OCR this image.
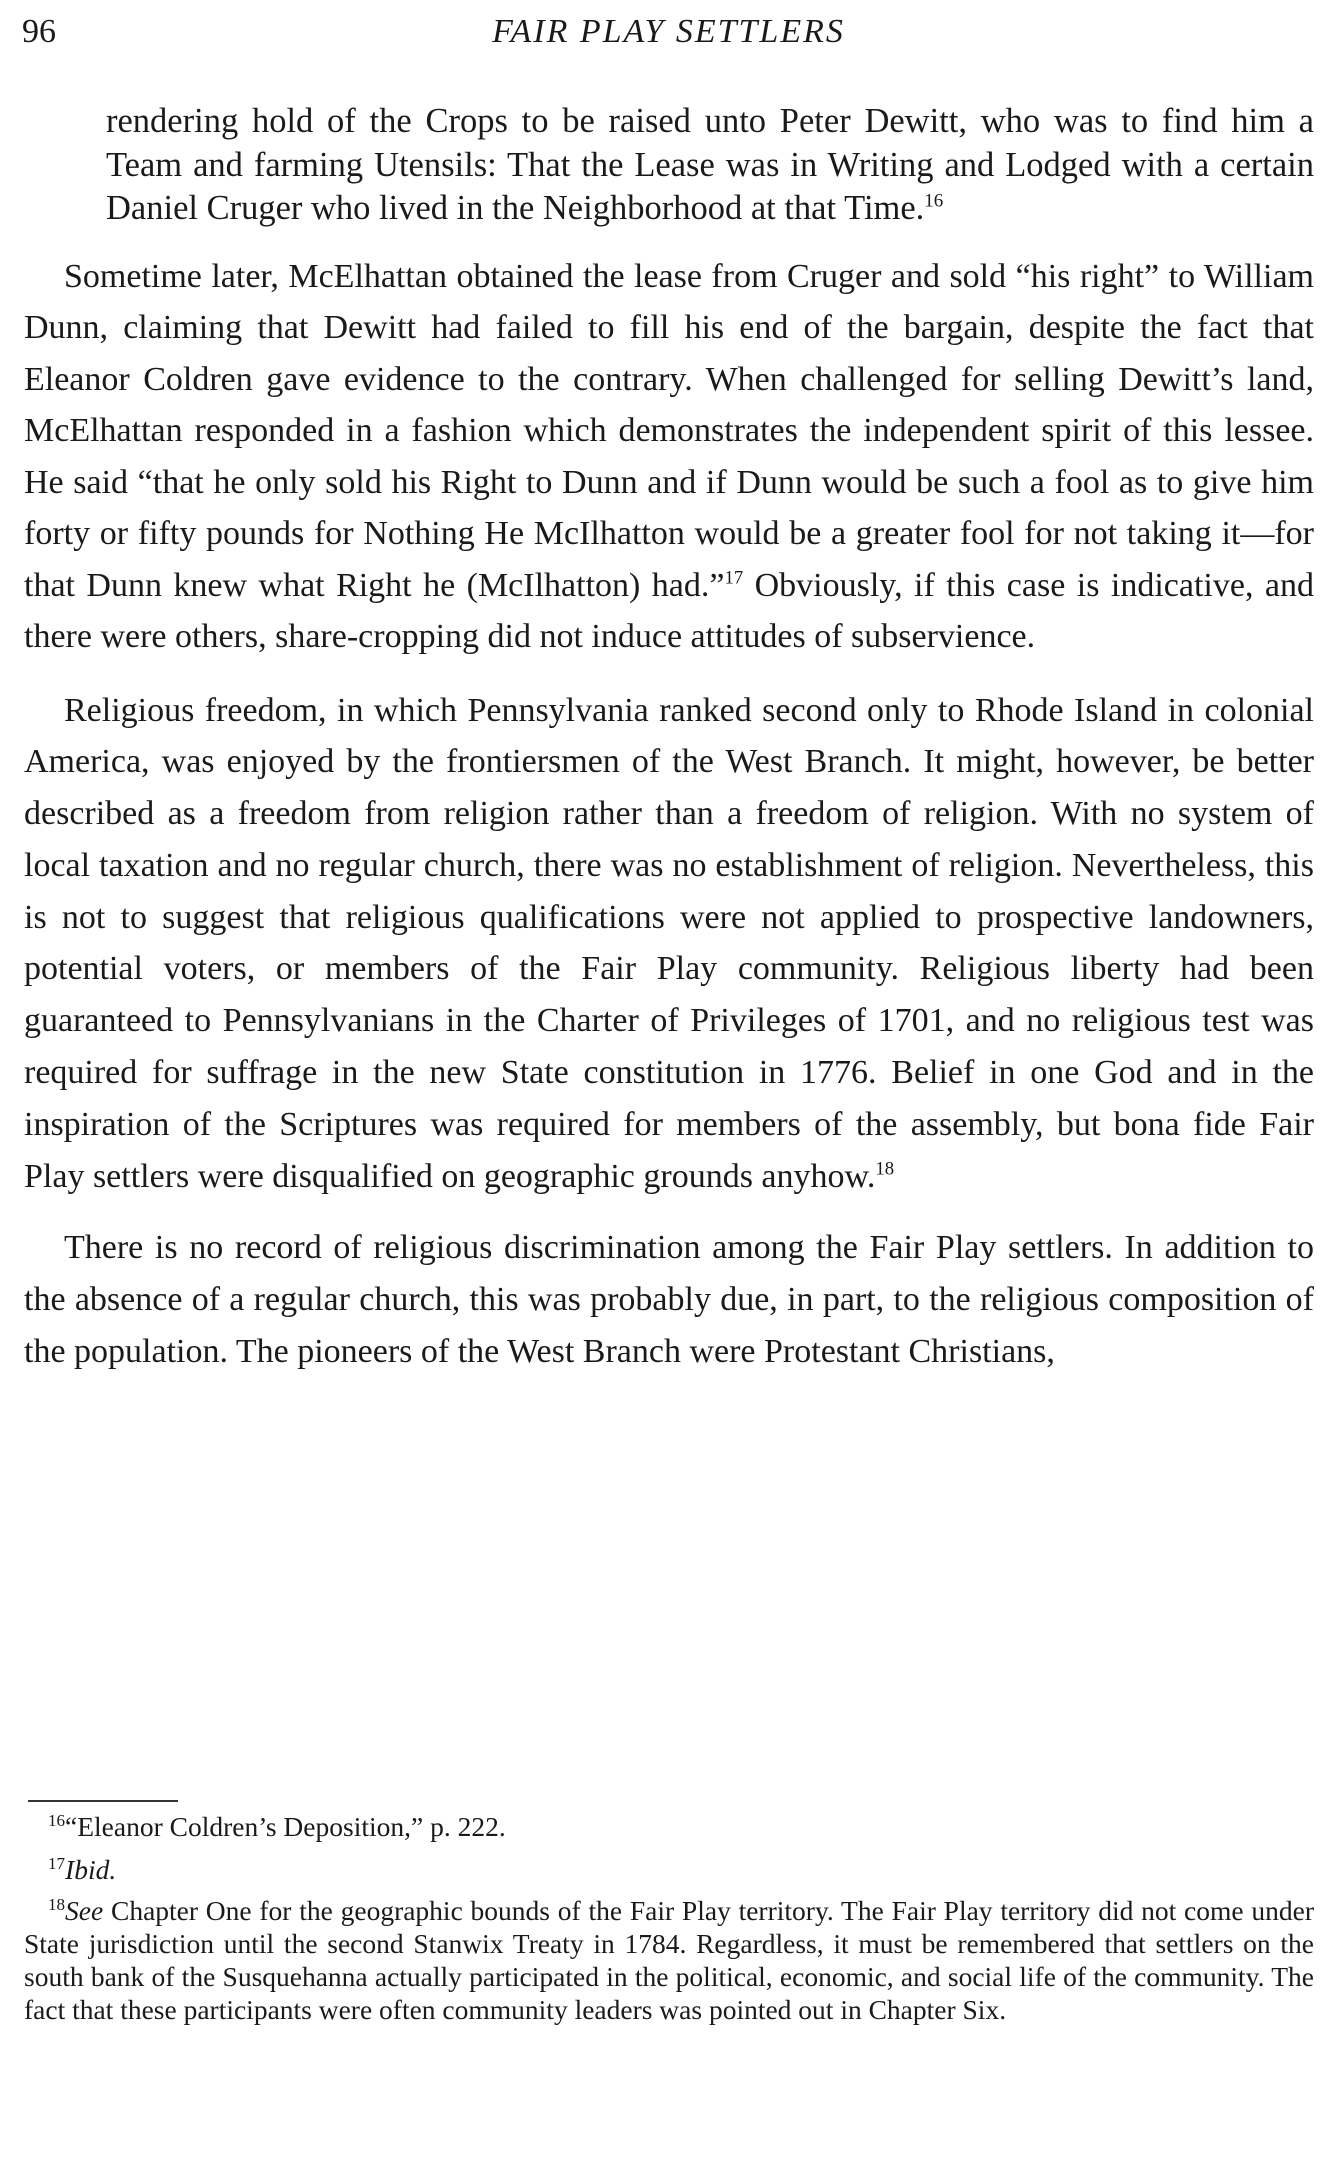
96	FAIR PLAY SETTLERS
rendering hold of the Crops to be raised unto Peter Dewitt, who was to find him a Team and farming Utensils: That the Lease was in Writing and Lodged with a certain Daniel Cruger who lived in the Neighborhood at that Time.$^{16}$

Sometime later, McElhattan obtained the lease from Cruger and sold “his right” to William Dunn, claiming that Dewitt had failed to fill his end of the bargain, despite the fact that Eleanor Coldren gave evidence to the contrary. When challenged for selling Dewitt’s land, McElhattan responded in a fashion which demonstrates the independent spirit of this lessee. He said “that he only sold his Right to Dunn and if Dunn would be such a fool as to give him forty or fifty pounds for Nothing He McIlhatton would be a greater fool for not taking it—for that Dunn knew what Right he (McIlhatton) had.”$^{17}$ Obviously, if this case is indicative, and there were others, share-cropping did not induce attitudes of subservience.

Religious freedom, in which Pennsylvania ranked second only to Rhode Island in colonial America, was enjoyed by the frontiersmen of the West Branch. It might, however, be better described as a freedom from religion rather than a freedom of religion. With no system of local taxation and no regular church, there was no establishment of religion. Nevertheless, this is not to suggest that religious qualifications were not applied to prospective landowners, potential voters, or members of the Fair Play community. Religious liberty had been guaranteed to Pennsylvanians in the Charter of Privileges of 1701, and no religious test was required for suffrage in the new State constitution in 1776. Belief in one God and in the inspiration of the Scriptures was required for members of the assembly, but bona fide Fair Play settlers were disqualified on geographic grounds anyhow.$^{18}$

There is no record of religious discrimination among the Fair Play settlers. In addition to the absence of a regular church, this was probably due, in part, to the religious composition of the population. The pioneers of the West Branch were Protestant Christians,

$^{16}$“Eleanor Coldren’s Deposition,” p. 222.

$^{17}$Ibid.

$^{18}$See Chapter One for the geographic bounds of the Fair Play territory. The Fair Play territory did not come under State jurisdiction until the second Stanwix Treaty in 1784. Regardless, it must be remembered that settlers on the south bank of the Susquehanna actually participated in the political, economic, and social life of the community. The fact that these participants were often community leaders was pointed out in Chapter Six.
